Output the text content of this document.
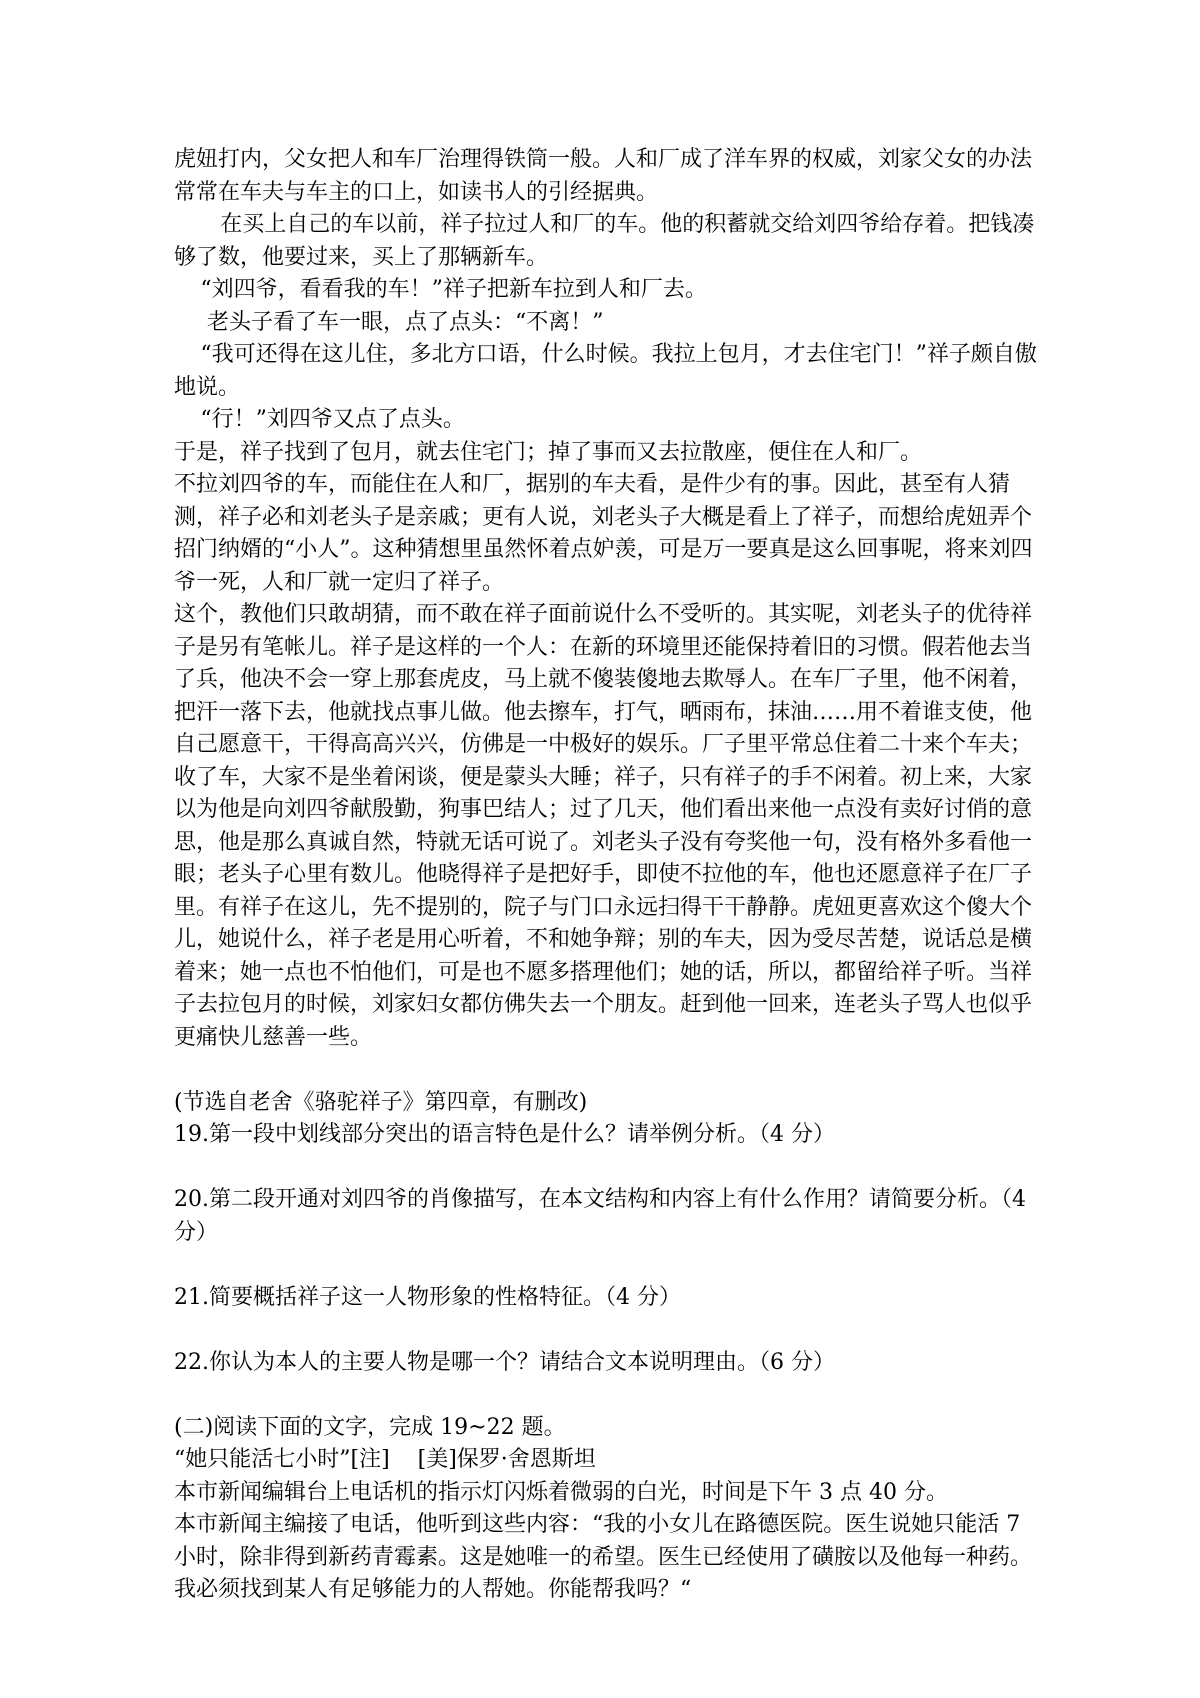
虎妞打内，父女把人和车厂治理得铁筒一般。人和厂成了洋车界的权威，刘家父女的办法常常在车夫与车主的口上，如读书人的引经据典。

在买上自己的车以前，祥子拉过人和厂的车。他的积蓄就交给刘四爷给存着。把钱凑够了数，他要过来，买上了那辆新车。

“刘四爷，看看我的车！”祥子把新车拉到人和厂去。

老头子看了车一眼，点了点头：“不离！”

“我可还得在这儿住，多北方口语，什么时候。我拉上包月，才去住宅门！”祥子颇自傲地说。

“行！”刘四爷又点了点头。

于是，祥子找到了包月，就去住宅门；掉了事而又去拉散座，便住在人和厂。

不拉刘四爷的车，而能住在人和厂，据别的车夫看，是件少有的事。因此，甚至有人猜测，祥子必和刘老头子是亲戚；更有人说，刘老头子大概是看上了祥子，而想给虎妞弄个招门纳婿的“小人”。这种猜想里虽然怀着点妒羡，可是万一要真是这么回事呢，将来刘四爷一死，人和厂就一定归了祥子。

这个，教他们只敢胡猜，而不敢在祥子面前说什么不受听的。其实呢，刘老头子的优待祥子是另有笔帐儿。祥子是这样的一个人：在新的环境里还能保持着旧的习惯。假若他去当了兵，他决不会一穿上那套虎皮，马上就不傻装傻地去欺辱人。在车厂子里，他不闲着，把汗一落下去，他就找点事儿做。他去擦车，打气，晒雨布，抹油……用不着谁支使，他自己愿意干，干得高高兴兴，仿佛是一中极好的娱乐。厂子里平常总住着二十来个车夫；收了车，大家不是坐着闲谈，便是蒙头大睡；祥子，只有祥子的手不闲着。初上来，大家以为他是向刘四爷献殷勤，狗事巴结人；过了几天，他们看出来他一点没有卖好讨俏的意思，他是那么真诚自然，特就无话可说了。刘老头子没有夸奖他一句，没有格外多看他一眼；老头子心里有数儿。他晓得祥子是把好手，即使不拉他的车，他也还愿意祥子在厂子里。有祥子在这儿，先不提别的，院子与门口永远扫得干干静静。虎妞更喜欢这个傻大个儿，她说什么，祥子老是用心听着，不和她争辩；别的车夫，因为受尽苦楚，说话总是横着来；她一点也不怕他们，可是也不愿多搭理他们；她的话，所以，都留给祥子听。当祥子去拉包月的时候，刘家妇女都仿佛失去一个朋友。赶到他一回来，连老头子骂人也似乎更痛快儿慈善一些。

(节选自老舍《骆驼祥子》第四章，有删改)

19.第一段中划线部分突出的语言特色是什么？请举例分析。（4 分）

20.第二段开通对刘四爷的肖像描写，在本文结构和内容上有什么作用？请简要分析。（4 分）

21.简要概括祥子这一人物形象的性格特征。（4 分）

22.你认为本人的主要人物是哪一个？请结合文本说明理由。（6 分）

(二)阅读下面的文字，完成 19~22 题。

“她只能活七小时”[注]    [美]保罗·舍恩斯坦

本市新闻编辑台上电话机的指示灯闪烁着微弱的白光，时间是下午 3 点 40 分。

本市新闻主编接了电话，他听到这些内容：“我的小女儿在路德医院。医生说她只能活 7 小时，除非得到新药青霉素。这是她唯一的希望。医生已经使用了磺胺以及他每一种药。

我必须找到某人有足够能力的人帮她。你能帮我吗？“
